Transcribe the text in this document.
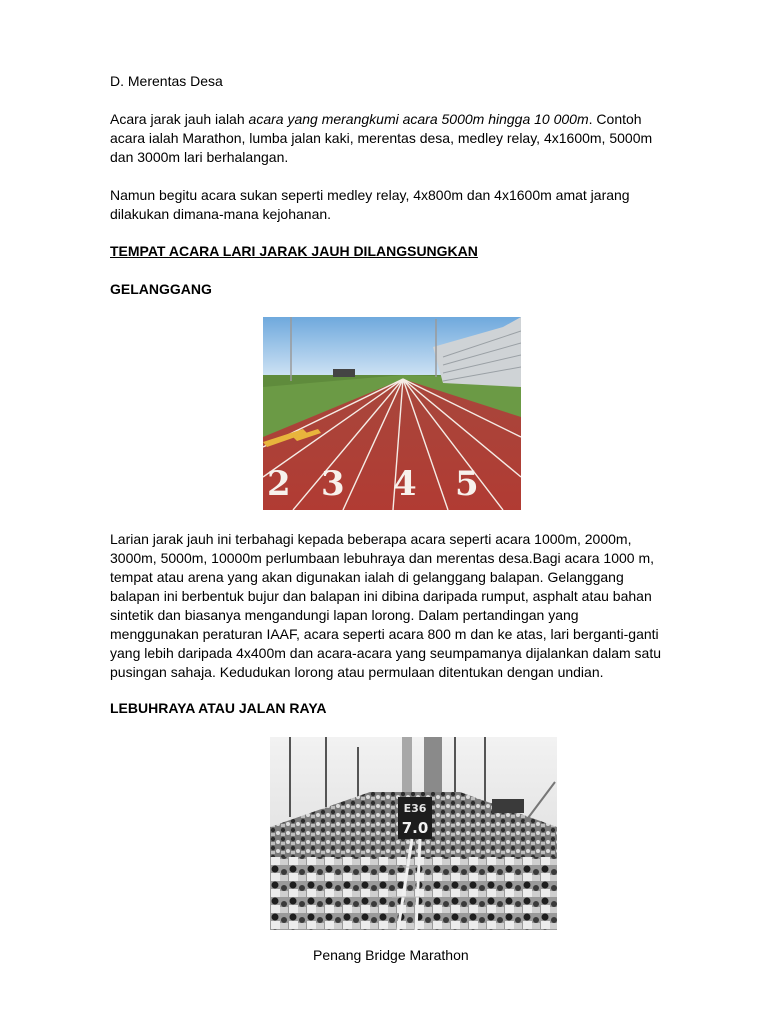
D. Merentas Desa

Acara jarak jauh ialah acara yang merangkumi acara 5000m hingga 10 000m. Contoh acara ialah Marathon, lumba jalan kaki, merentas desa, medley relay, 4x1600m, 5000m dan 3000m lari berhalangan.

Namun begitu acara sukan seperti medley relay, 4x800m dan 4x1600m amat jarang dilakukan dimana-mana kejohanan.

TEMPAT ACARA LARI JARAK JAUH DILANGSUNGKAN

GELANGGANG

2 3 4 5

Larian jarak jauh ini terbahagi kepada beberapa acara seperti acara 1000m, 2000m, 3000m, 5000m, 10000m perlumbaan lebuhraya dan merentas desa.Bagi acara 1000 m, tempat atau arena yang akan digunakan ialah di gelanggang balapan. Gelanggang balapan ini berbentuk bujur dan balapan ini dibina daripada rumput, asphalt atau bahan sintetik dan biasanya mengandungi lapan lorong. Dalam pertandingan yang menggunakan peraturan IAAF, acara seperti acara 800 m dan ke atas, lari berganti-ganti yang lebih daripada 4x400m dan acara-acara yang seumpamanya dijalankan dalam satu pusingan sahaja. Kedudukan lorong atau permulaan ditentukan dengan undian.

LEBUHRAYA ATAU JALAN RAYA

E36
7.0

Penang Bridge Marathon
